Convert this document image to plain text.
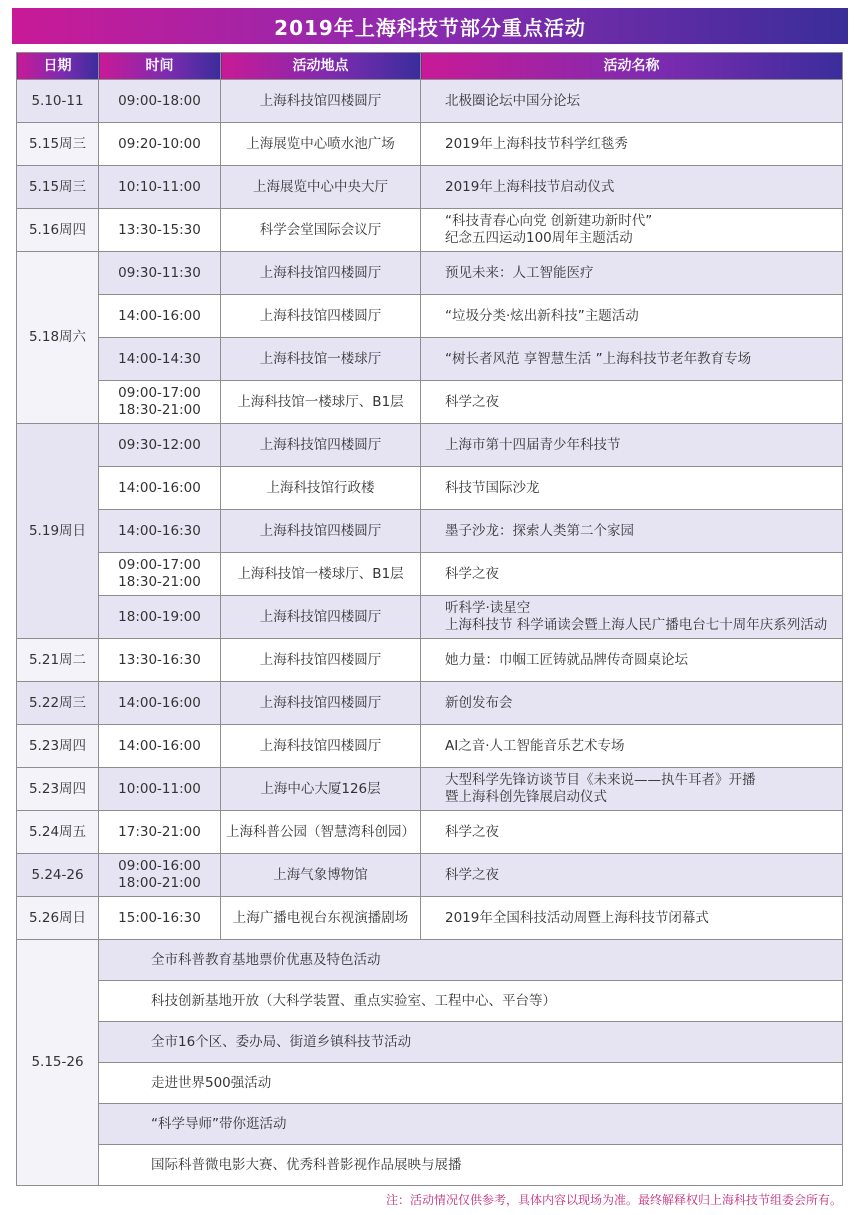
2019年上海科技节部分重点活动
日期	时间	活动地点	活动名称
5.10-11	09:00-18:00	上海科技馆四楼圆厅	北极圈论坛中国分论坛

5.15周三	09:20-10:00	上海展览中心喷水池广场	2019年上海科技节科学红毯秀

5.15周三	10:10-11:00	上海展览中心中央大厅	2019年上海科技节启动仪式

5.16周四	13:30-15:30	科学会堂国际会议厅	“科技青春心向党 创新建功新时代”
纪念五四运动100周年主题活动

5.18周六	09:30-11:30	上海科技馆四楼圆厅	预见未来：人工智能医疗

	14:00-16:00	上海科技馆四楼圆厅	“垃圾分类·炫出新科技”主题活动

	14:00-14:30	上海科技馆一楼球厅	“树长者风范 享智慧生活 ”上海科技节老年教育专场

	09:00-17:00
18:30-21:00	上海科技馆一楼球厅、B1层	科学之夜

5.19周日	09:30-12:00	上海科技馆四楼圆厅	上海市第十四届青少年科技节

	14:00-16:00	上海科技馆行政楼	科技节国际沙龙

	14:00-16:30	上海科技馆四楼圆厅	墨子沙龙：探索人类第二个家园

	09:00-17:00
18:30-21:00	上海科技馆一楼球厅、B1层	科学之夜

	18:00-19:00	上海科技馆四楼圆厅	听科学·读星空
上海科技节 科学诵读会暨上海人民广播电台七十周年庆系列活动

5.21周二	13:30-16:30	上海科技馆四楼圆厅	她力量：巾帼工匠铸就品牌传奇圆桌论坛

5.22周三	14:00-16:00	上海科技馆四楼圆厅	新创发布会

5.23周四	14:00-16:00	上海科技馆四楼圆厅	AI之音·人工智能音乐艺术专场

5.23周四	10:00-11:00	上海中心大厦126层	大型科学先锋访谈节目《未来说——执牛耳者》开播
暨上海科创先锋展启动仪式

5.24周五	17:30-21:00	上海科普公园（智慧湾科创园）	科学之夜

5.24-26	09:00-16:00
18:00-21:00	上海气象博物馆	科学之夜

5.26周日	15:00-16:30	上海广播电视台东视演播剧场	2019年全国科技活动周暨上海科技节闭幕式

5.15-26	全市科普教育基地票价优惠及特色活动		
	科技创新基地开放（大科学装置、重点实验室、工程中心、平台等）		
	全市16个区、委办局、街道乡镇科技节活动		
	走进世界500强活动		
	“科学导师”带你逛活动		
	国际科普微电影大赛、优秀科普影视作品展映与展播		
注：活动情况仅供参考，具体内容以现场为准。最终解释权归上海科技节组委会所有。
